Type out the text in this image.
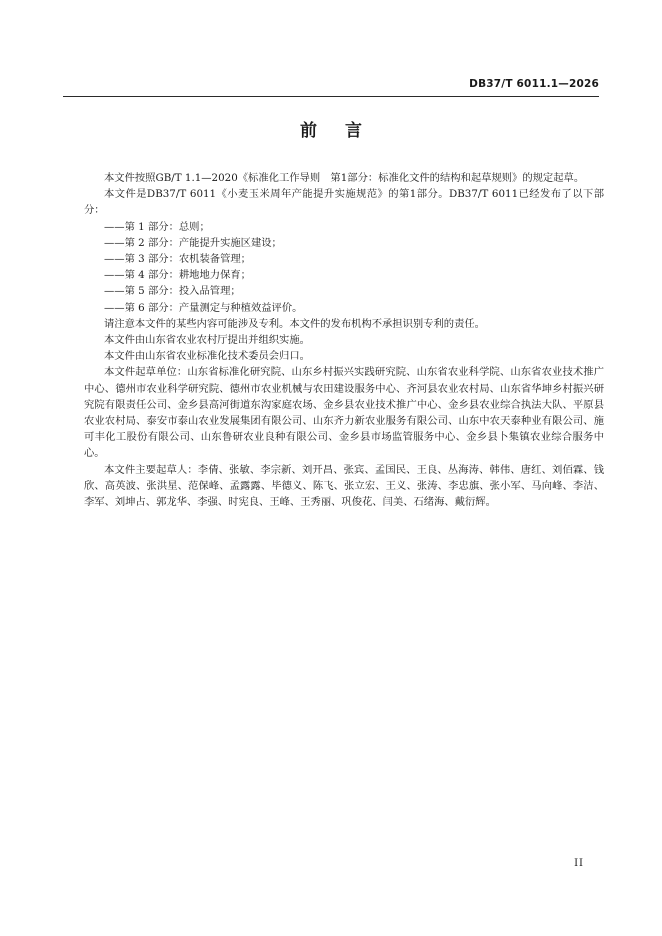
DB37/T 6011.1—2026
前言

本文件按照GB/T 1.1—2020《标准化工作导则　第1部分：标准化文件的结构和起草规则》的规定起草。

本文件是DB37/T 6011《小麦玉米周年产能提升实施规范》的第1部分。DB37/T 6011已经发布了以下部分：

——第 1 部分：总则；

——第 2 部分：产能提升实施区建设；

——第 3 部分：农机装备管理；

——第 4 部分：耕地地力保育；

——第 5 部分：投入品管理；

——第 6 部分：产量测定与种植效益评价。

请注意本文件的某些内容可能涉及专利。本文件的发布机构不承担识别专利的责任。

本文件由山东省农业农村厅提出并组织实施。

本文件由山东省农业标准化技术委员会归口。

本文件起草单位：山东省标准化研究院、山东乡村振兴实践研究院、山东省农业科学院、山东省农业技术推广中心、德州市农业科学研究院、德州市农业机械与农田建设服务中心、齐河县农业农村局、山东省华坤乡村振兴研究院有限责任公司、金乡县高河街道东沟家庭农场、金乡县农业技术推广中心、金乡县农业综合执法大队、平原县农业农村局、泰安市泰山农业发展集团有限公司、山东齐力新农业服务有限公司、山东中农天泰种业有限公司、施可丰化工股份有限公司、山东鲁研农业良种有限公司、金乡县市场监管服务中心、金乡县卜集镇农业综合服务中心。

本文件主要起草人：李倩、张敏、李宗新、刘开昌、张宾、孟国民、王良、丛海涛、韩伟、唐红、刘佰霖、钱欣、高英波、张洪星、范保峰、孟露露、毕德义、陈飞、张立宏、王义、张涛、李忠旗、张小军、马向峰、李洁、李军、刘坤占、郭龙华、李强、时宪良、王峰、王秀丽、巩俊花、闫美、石绪海、戴衍辉。

II
